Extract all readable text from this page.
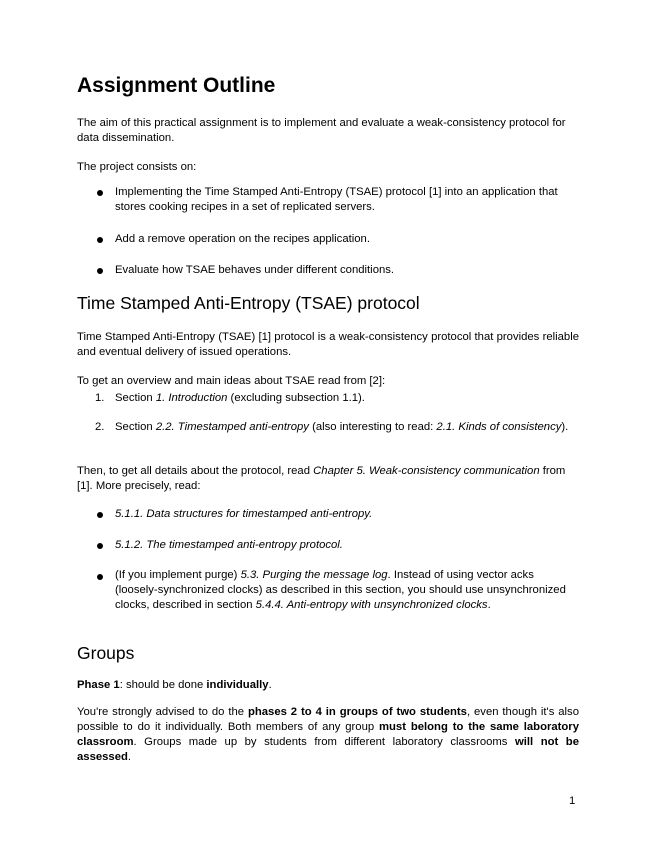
Assignment Outline
The aim of this practical assignment is to implement and evaluate a weak-consistency protocol for data dissemination.
The project consists on:
Implementing the Time Stamped Anti-Entropy (TSAE) protocol [1] into an application that stores cooking recipes in a set of replicated servers.
Add a remove operation on the recipes application.
Evaluate how TSAE behaves under different conditions.
Time Stamped Anti-Entropy (TSAE) protocol
Time Stamped Anti-Entropy (TSAE) [1] protocol is a weak-consistency protocol that provides reliable and eventual delivery of issued operations.
To get an overview and main ideas about TSAE read from [2]:
1. Section 1. Introduction (excluding subsection 1.1).
2. Section 2.2. Timestamped anti-entropy (also interesting to read: 2.1. Kinds of consistency).
Then, to get all details about the protocol, read Chapter 5. Weak-consistency communication from [1]. More precisely, read:
5.1.1. Data structures for timestamped anti-entropy.
5.1.2. The timestamped anti-entropy protocol.
(If you implement purge) 5.3. Purging the message log. Instead of using vector acks (loosely-synchronized clocks) as described in this section, you should use unsynchronized clocks, described in section 5.4.4. Anti-entropy with unsynchronized clocks.
Groups
Phase 1: should be done individually.
You're strongly advised to do the phases 2 to 4 in groups of two students, even though it's also possible to do it individually. Both members of any group must belong to the same laboratory classroom. Groups made up by students from different laboratory classrooms will not be assessed.
1
